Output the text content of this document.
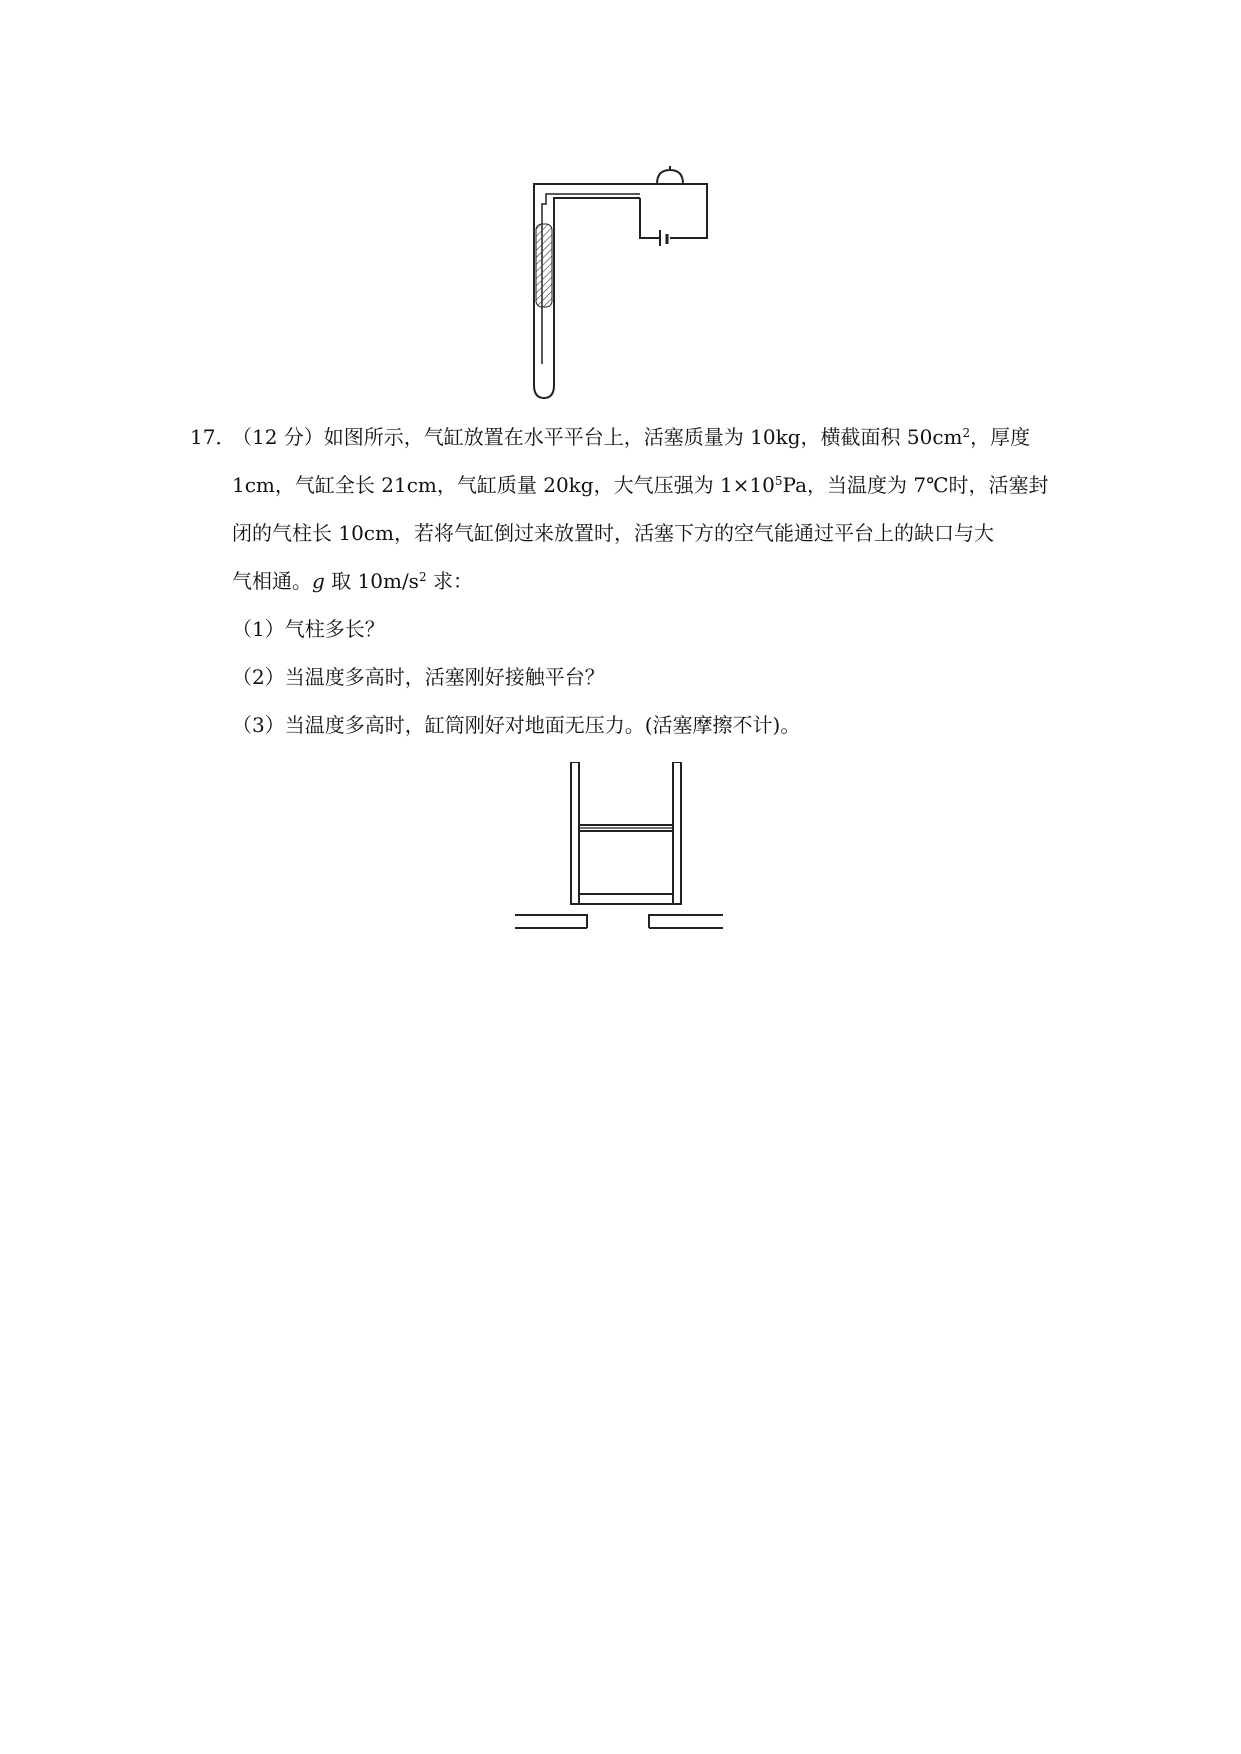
17．
（12 分）如图所示，气缸放置在水平平台上，活塞质量为 10kg，横截面积 $50cm^2$，厚度
1cm，气缸全长 21cm，气缸质量 20kg，大气压强为 $1\times 10^5Pa$，当温度为 7℃时，活塞封
闭的气柱长 10cm，若将气缸倒过来放置时，活塞下方的空气能通过平台上的缺口与大
气相通。g 取 $10m/s^2$ 求：
（1）气柱多长？
（2）当温度多高时，活塞刚好接触平台？
（3）当温度多高时，缸筒刚好对地面无压力。(活塞摩擦不计)。
